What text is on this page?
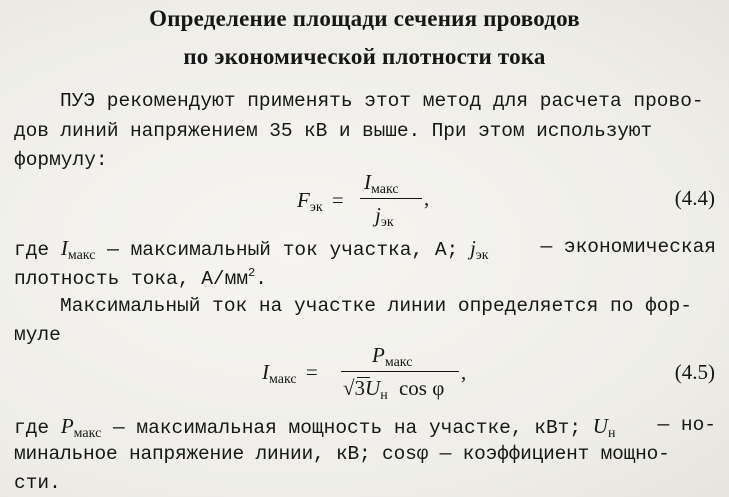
Определение площади сечения проводов
по экономической плотности тока
ПУЭ рекомендуют применять этот метод для расчета прово-
дов линий напряжением 35 кВ и выше. При этом используют
формулу:
$F_{эк}$ =
$I_{макс}$
$j_{эк}$
,	(4.4)
где $I_{макс}$ — максимальный ток участка, А; $j_{эк}$	— экономическая
плотность тока, $А/мм^2$.
Максимальный ток на участке линии определяется по фор-
муле
$I_{макс}$ =
$P_{макс}$
$√3U_н$ cos φ
,	(4.5)
где $P_{макс}$ — максимальная мощность на участке, кВт; $U_н$ — но-
минальное напряжение линии, кВ; cosφ — коэффициент мощно-
сти.
